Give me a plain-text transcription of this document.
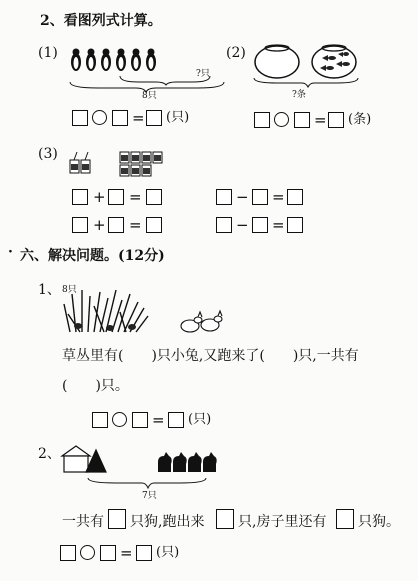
2、看图列式计算。
(1)
?只
8只
= (只)
(2)
?条
= (条)
(3)
+ =
+ =
− =
− =
· 六、解决问题。(12分)
1、 8只
草丛里有(　　)只小兔,又跑来了(　　)只,一共有
(　　)只。
= (只)
2、
7只
一共有 只狗,跑出来 只,房子里还有 只狗。
= (只)
